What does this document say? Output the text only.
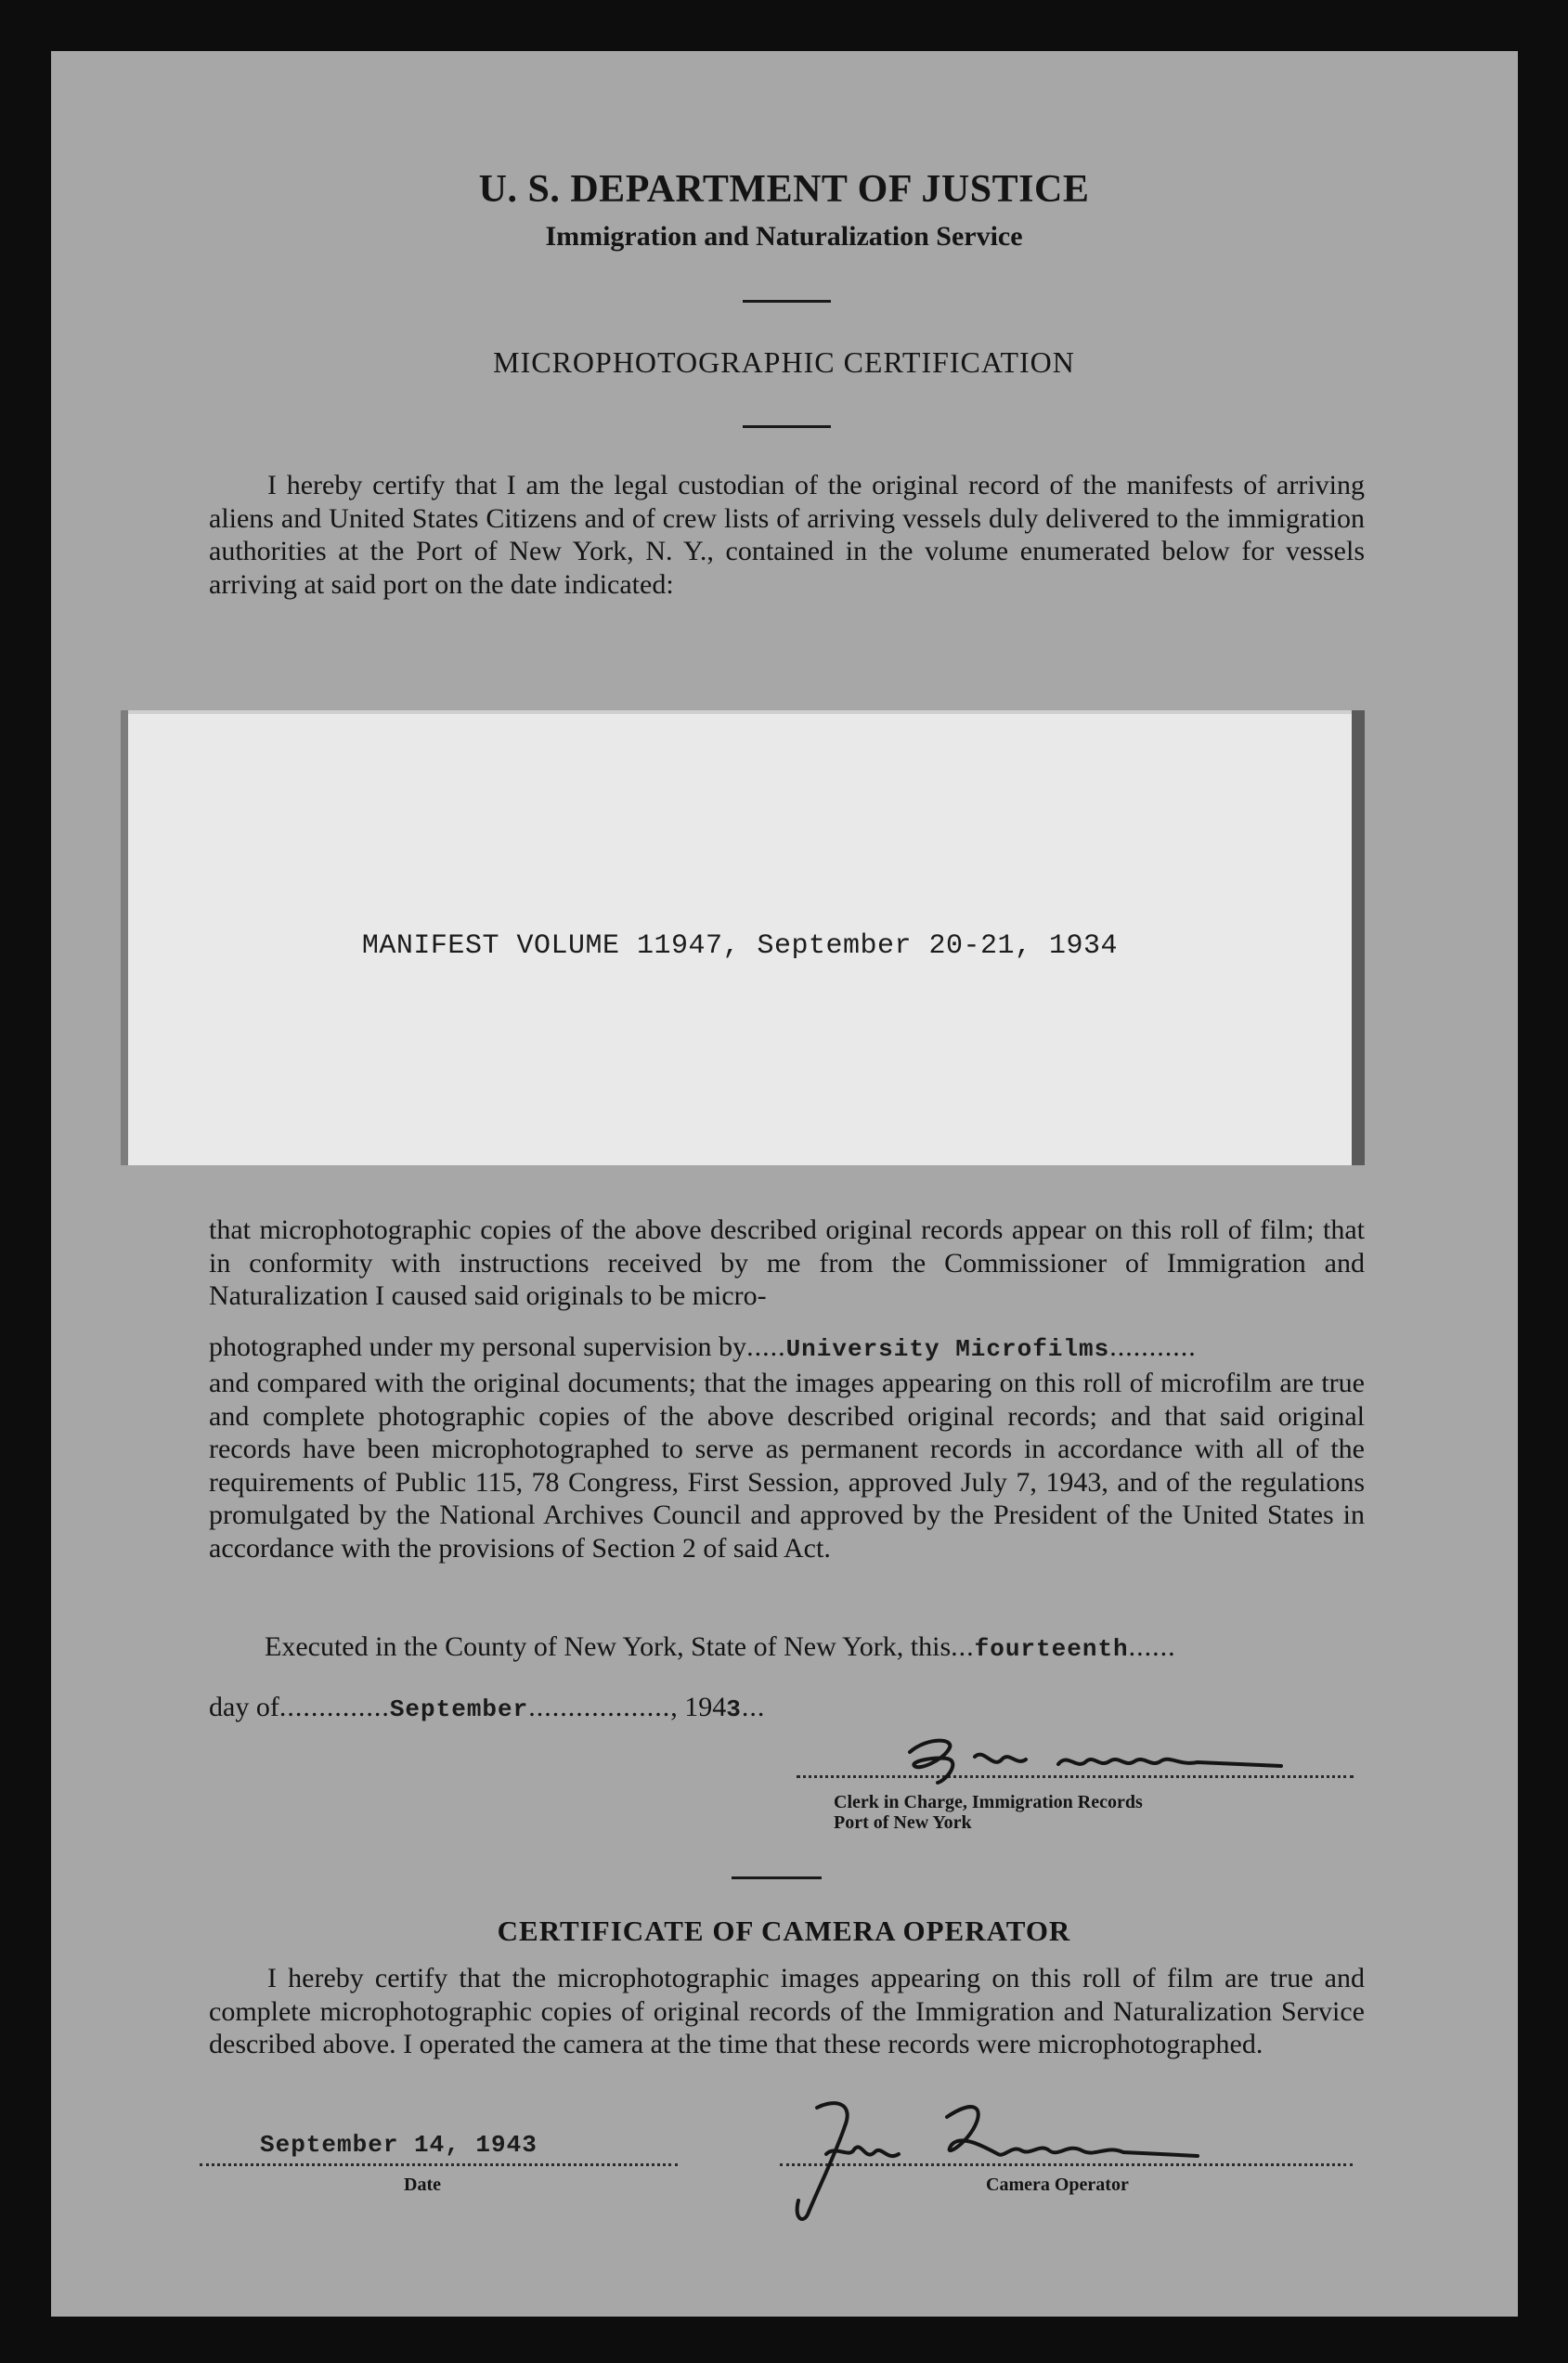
U. S. DEPARTMENT OF JUSTICE
Immigration and Naturalization Service
MICROPHOTOGRAPHIC CERTIFICATION
I hereby certify that I am the legal custodian of the original record of the manifests of arriving aliens and United States Citizens and of crew lists of arriving vessels duly delivered to the immigration authorities at the Port of New York, N. Y., contained in the volume enumerated below for vessels arriving at said port on the date indicated:
MANIFEST VOLUME 11947, September 20-21, 1934
that microphotographic copies of the above described original records appear on this roll of film; that in conformity with instructions received by me from the Commissioner of Immigration and Naturalization I caused said originals to be micro-
photographed under my personal supervision by.....University Microfilms...........
and compared with the original documents; that the images appearing on this roll of microfilm are true and complete photographic copies of the above described original records; and that said original records have been microphotographed to serve as permanent records in accordance with all of the requirements of Public 115, 78 Congress, First Session, approved July 7, 1943, and of the regulations promulgated by the National Archives Council and approved by the President of the United States in accordance with the provisions of Section 2 of said Act.
Executed in the County of New York, State of New York, this...fourteenth......
day of..............September.................., 1943...
Clerk in Charge, Immigration Records
Port of New York
CERTIFICATE OF CAMERA OPERATOR
I hereby certify that the microphotographic images appearing on this roll of film are true and complete microphotographic copies of original records of the Immigration and Naturalization Service described above. I operated the camera at the time that these records were microphotographed.
September 14, 1943
Date	Camera Operator
